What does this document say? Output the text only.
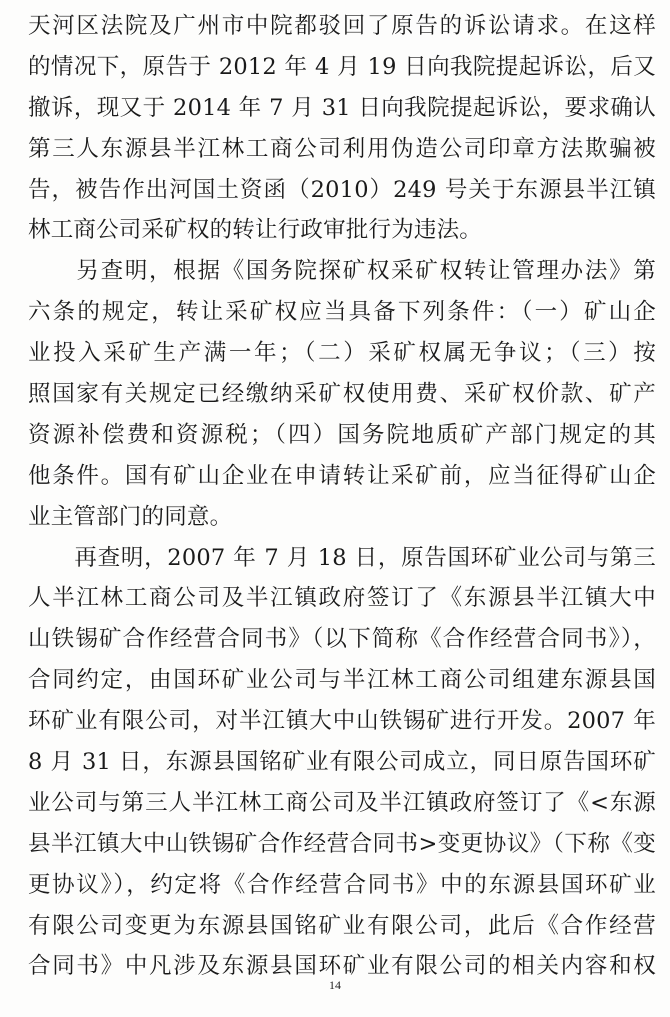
天河区法院及广州市中院都驳回了原告的诉讼请求。在这样
的情况下，原告于 2012 年 4 月 19 日向我院提起诉讼，后又
撤诉，现又于 2014 年 7 月 31 日向我院提起诉讼，要求确认
第三人东源县半江林工商公司利用伪造公司印章方法欺骗被
告，被告作出河国土资函（2010）249 号关于东源县半江镇
林工商公司采矿权的转让行政审批行为违法。
　　另查明，根据《国务院探矿权采矿权转让管理办法》第
六条的规定，转让采矿权应当具备下列条件：（一）矿山企
业投入采矿生产满一年；（二）采矿权属无争议；（三）按
照国家有关规定已经缴纳采矿权使用费、采矿权价款、矿产
资源补偿费和资源税；（四）国务院地质矿产部门规定的其
他条件。国有矿山企业在申请转让采矿前，应当征得矿山企
业主管部门的同意。
　　再查明，2007 年 7 月 18 日，原告国环矿业公司与第三
人半江林工商公司及半江镇政府签订了《东源县半江镇大中
山铁锡矿合作经营合同书》（以下简称《合作经营合同书》），
合同约定，由国环矿业公司与半江林工商公司组建东源县国
环矿业有限公司，对半江镇大中山铁锡矿进行开发。2007 年
8 月 31 日，东源县国铭矿业有限公司成立，同日原告国环矿
业公司与第三人半江林工商公司及半江镇政府签订了《<东源
县半江镇大中山铁锡矿合作经营合同书>变更协议》（下称《变
更协议》），约定将《合作经营合同书》中的东源县国环矿业
有限公司变更为东源县国铭矿业有限公司，此后《合作经营
合同书》中凡涉及东源县国环矿业有限公司的相关内容和权
14
